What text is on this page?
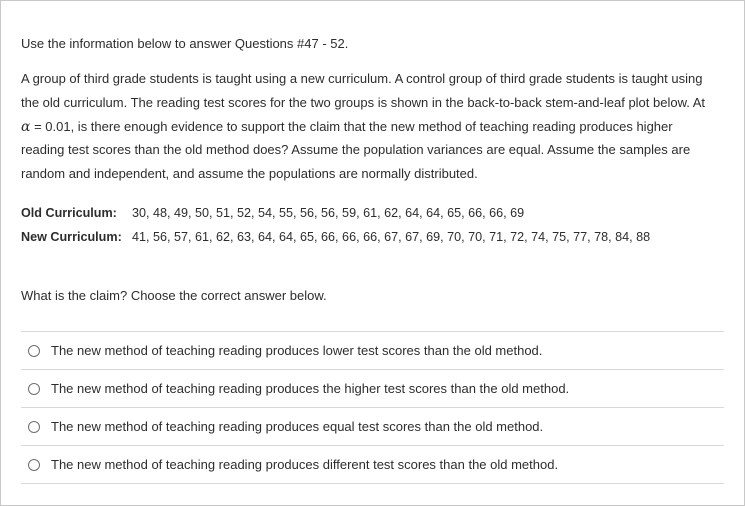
Use the information below to answer Questions #47 - 52.
A group of third grade students is taught using a new curriculum. A control group of third grade students is taught using
the old curriculum. The reading test scores for the two groups is shown in the back-to-back stem-and-leaf plot below. At
α = 0.01, is there enough evidence to support the claim that the new method of teaching reading produces higher
reading test scores than the old method does? Assume the population variances are equal. Assume the samples are
random and independent, and assume the populations are normally distributed.
Old Curriculum:	30, 48, 49, 50, 51, 52, 54, 55, 56, 56, 59, 61, 62, 64, 64, 65, 66, 66, 69
New Curriculum: 41, 56, 57, 61, 62, 63, 64, 64, 65, 66, 66, 66, 67, 67, 69, 70, 70, 71, 72, 74, 75, 77, 78, 84, 88
What is the claim? Choose the correct answer below.
The new method of teaching reading produces lower test scores than the old method.
The new method of teaching reading produces the higher test scores than the old method.
The new method of teaching reading produces equal test scores than the old method.
The new method of teaching reading produces different test scores than the old method.
